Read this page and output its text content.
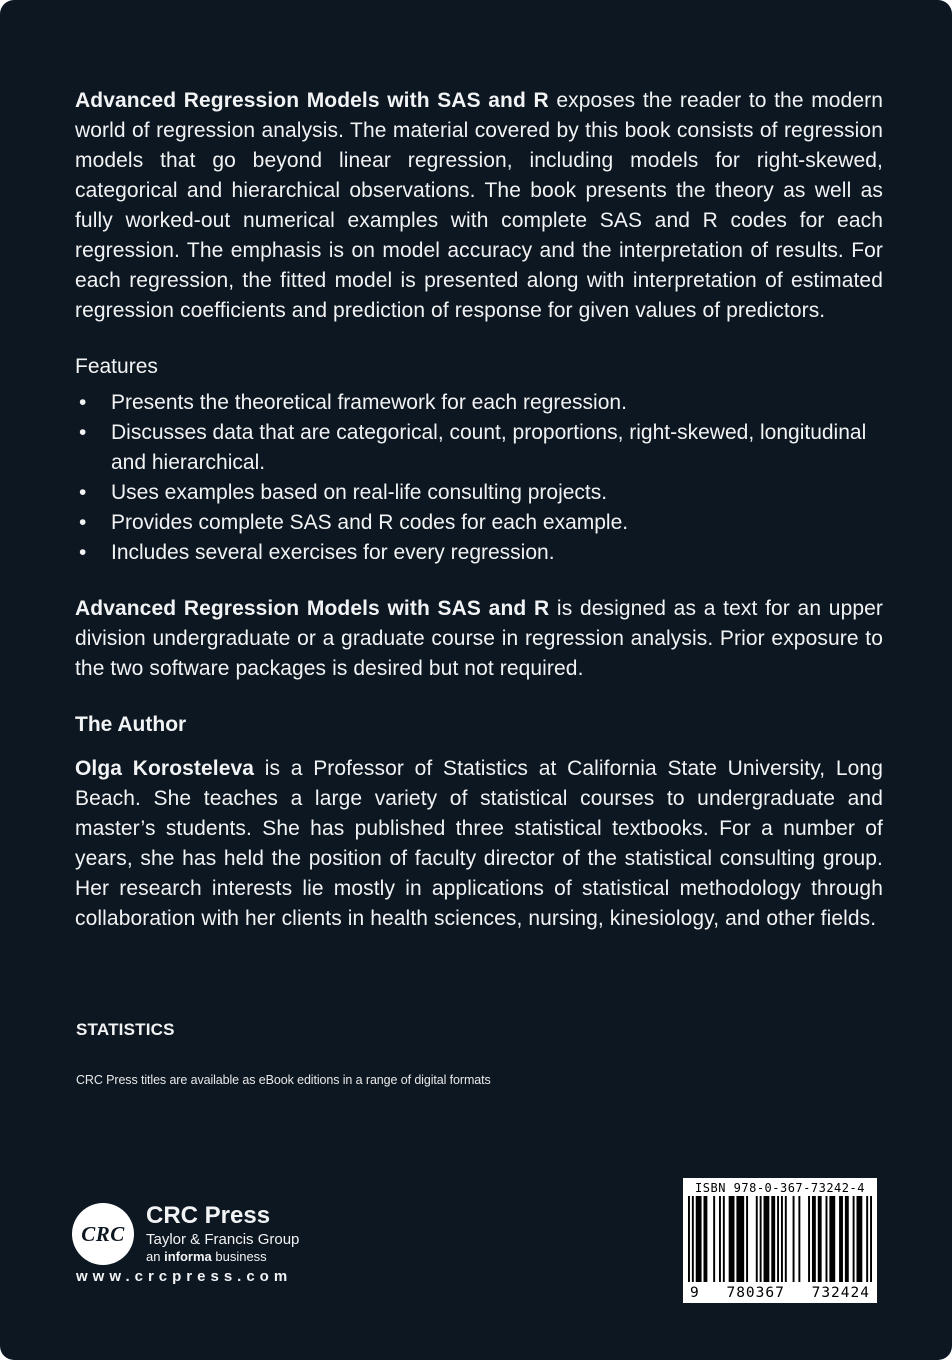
Advanced Regression Models with SAS and R exposes the reader to the modern world of regression analysis. The material covered by this book consists of regression models that go beyond linear regression, including models for right-skewed, categorical and hierarchical observations. The book presents the theory as well as fully worked-out numerical examples with complete SAS and R codes for each regression. The emphasis is on model accuracy and the interpretation of results. For each regression, the fitted model is presented along with interpretation of estimated regression coefficients and prediction of response for given values of predictors.

Features

•	Presents the theoretical framework for each regression.
•	Discusses data that are categorical, count, proportions, right-skewed, longitudinal and hierarchical.
•	Uses examples based on real-life consulting projects.
•	Provides complete SAS and R codes for each example.
•	Includes several exercises for every regression.

Advanced Regression Models with SAS and R is designed as a text for an upper division undergraduate or a graduate course in regression analysis. Prior exposure to the two software packages is desired but not required.

The Author

Olga Korosteleva is a Professor of Statistics at California State University, Long Beach. She teaches a large variety of statistical courses to undergraduate and master’s students. She has published three statistical textbooks. For a number of years, she has held the position of faculty director of the statistical consulting group. Her research interests lie mostly in applications of statistical methodology through collaboration with her clients in health sciences, nursing, kinesiology, and other fields.

STATISTICS
CRC Press titles are available as eBook editions in a range of digital formats
CRC
CRC Press
Taylor & Francis Group
an informa business
www.crcpress.com
ISBN 978-0-367-73242-4
9 780367 732424
